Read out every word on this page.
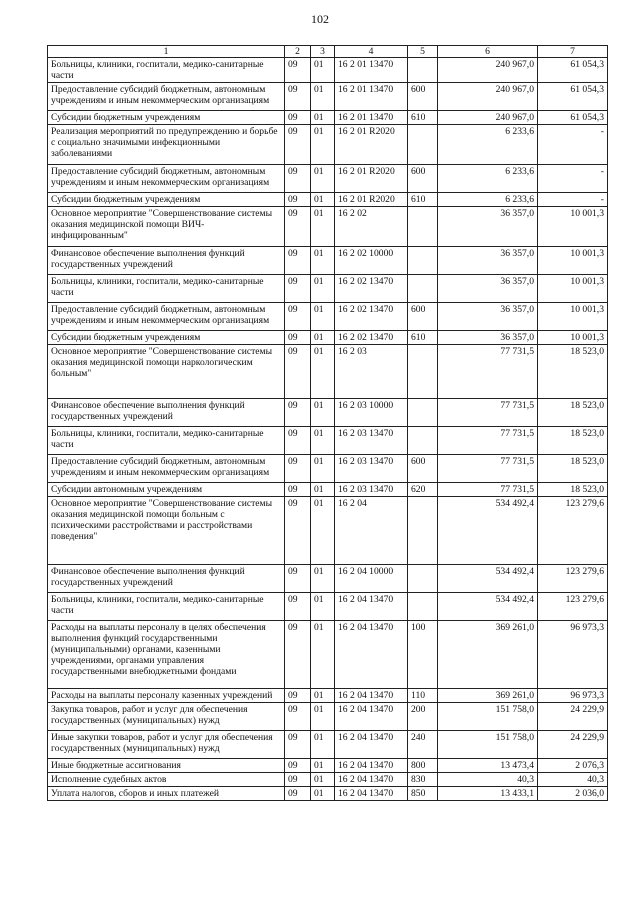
102
1	2	3	4	5	6	7
Больницы, клиники, госпитали, медико-санитарные части	09	01	16 2 01 13470		240 967,0	61 054,3
Предоставление субсидий бюджетным, автономным учреждениям и иным некоммерческим организациям	09	01	16 2 01 13470	600	240 967,0	61 054,3
Субсидии бюджетным учреждениям	09	01	16 2 01 13470	610	240 967,0	61 054,3
Реализация мероприятий по предупреждению и борьбе с социально значимыми инфекционными заболеваниями	09	01	16 2 01 R2020		6 233,6	-
Предоставление субсидий бюджетным, автономным учреждениям и иным некоммерческим организациям	09	01	16 2 01 R2020	600	6 233,6	-
Субсидии бюджетным учреждениям	09	01	16 2 01 R2020	610	6 233,6	-
Основное мероприятие "Совершенствование системы оказания медицинской помощи ВИЧ-инфицированным"	09	01	16 2 02		36 357,0	10 001,3
Финансовое обеспечение выполнения функций государственных учреждений	09	01	16 2 02 10000		36 357,0	10 001,3
Больницы, клиники, госпитали, медико-санитарные части	09	01	16 2 02 13470		36 357,0	10 001,3
Предоставление субсидий бюджетным, автономным учреждениям и иным некоммерческим организациям	09	01	16 2 02 13470	600	36 357,0	10 001,3
Субсидии бюджетным учреждениям	09	01	16 2 02 13470	610	36 357,0	10 001,3
Основное мероприятие "Совершенствование системы оказания медицинской помощи наркологическим больным"	09	01	16 2 03		77 731,5	18 523,0
Финансовое обеспечение выполнения функций государственных учреждений	09	01	16 2 03 10000		77 731,5	18 523,0
Больницы, клиники, госпитали, медико-санитарные части	09	01	16 2 03 13470		77 731,5	18 523,0
Предоставление субсидий бюджетным, автономным учреждениям и иным некоммерческим организациям	09	01	16 2 03 13470	600	77 731,5	18 523,0
Субсидии автономным учреждениям	09	01	16 2 03 13470	620	77 731,5	18 523,0
Основное мероприятие "Совершенствование системы оказания медицинской помощи больным с психическими расстройствами и расстройствами поведения"	09	01	16 2 04		534 492,4	123 279,6
Финансовое обеспечение выполнения функций государственных учреждений	09	01	16 2 04 10000		534 492,4	123 279,6
Больницы, клиники, госпитали, медико-санитарные части	09	01	16 2 04 13470		534 492,4	123 279,6
Расходы на выплаты персоналу в целях обеспечения выполнения функций государственными (муниципальными) органами, казенными учреждениями, органами управления государственными внебюджетными фондами	09	01	16 2 04 13470	100	369 261,0	96 973,3
Расходы на выплаты персоналу казенных учреждений	09	01	16 2 04 13470	110	369 261,0	96 973,3
Закупка товаров, работ и услуг для обеспечения государственных (муниципальных) нужд	09	01	16 2 04 13470	200	151 758,0	24 229,9
Иные закупки товаров, работ и услуг для обеспечения государственных (муниципальных) нужд	09	01	16 2 04 13470	240	151 758,0	24 229,9
Иные бюджетные ассигнования	09	01	16 2 04 13470	800	13 473,4	2 076,3
Исполнение судебных актов	09	01	16 2 04 13470	830	40,3	40,3
Уплата налогов, сборов и иных платежей	09	01	16 2 04 13470	850	13 433,1	2 036,0
